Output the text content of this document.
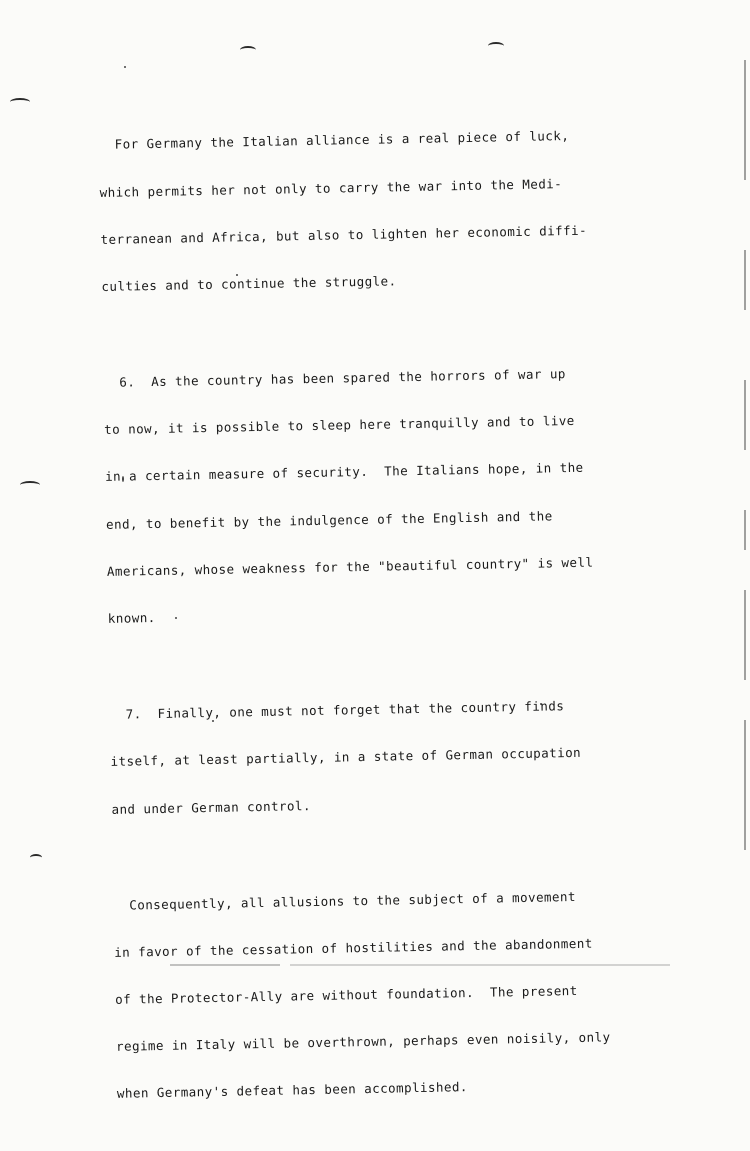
For Germany the Italian alliance is a real piece of luck,

which permits her not only to carry the war into the Medi-

terranean and Africa, but also to lighten her economic diffi-

culties and to continue the struggle.

6.  As the country has been spared the horrors of war up

to now, it is possible to sleep here tranquilly and to live

in a certain measure of security.  The Italians hope, in the

end, to benefit by the indulgence of the English and the

Americans, whose weakness for the "beautiful country" is well

known.

7.  Finally, one must not forget that the country finds

itself, at least partially, in a state of German occupation

and under German control.

Consequently, all allusions to the subject of a movement

in favor of the cessation of hostilities and the abandonment

of the Protector-Ally are without foundation.  The present

regime in Italy will be overthrown, perhaps even noisily, only

when Germany's defeat has been accomplished.
